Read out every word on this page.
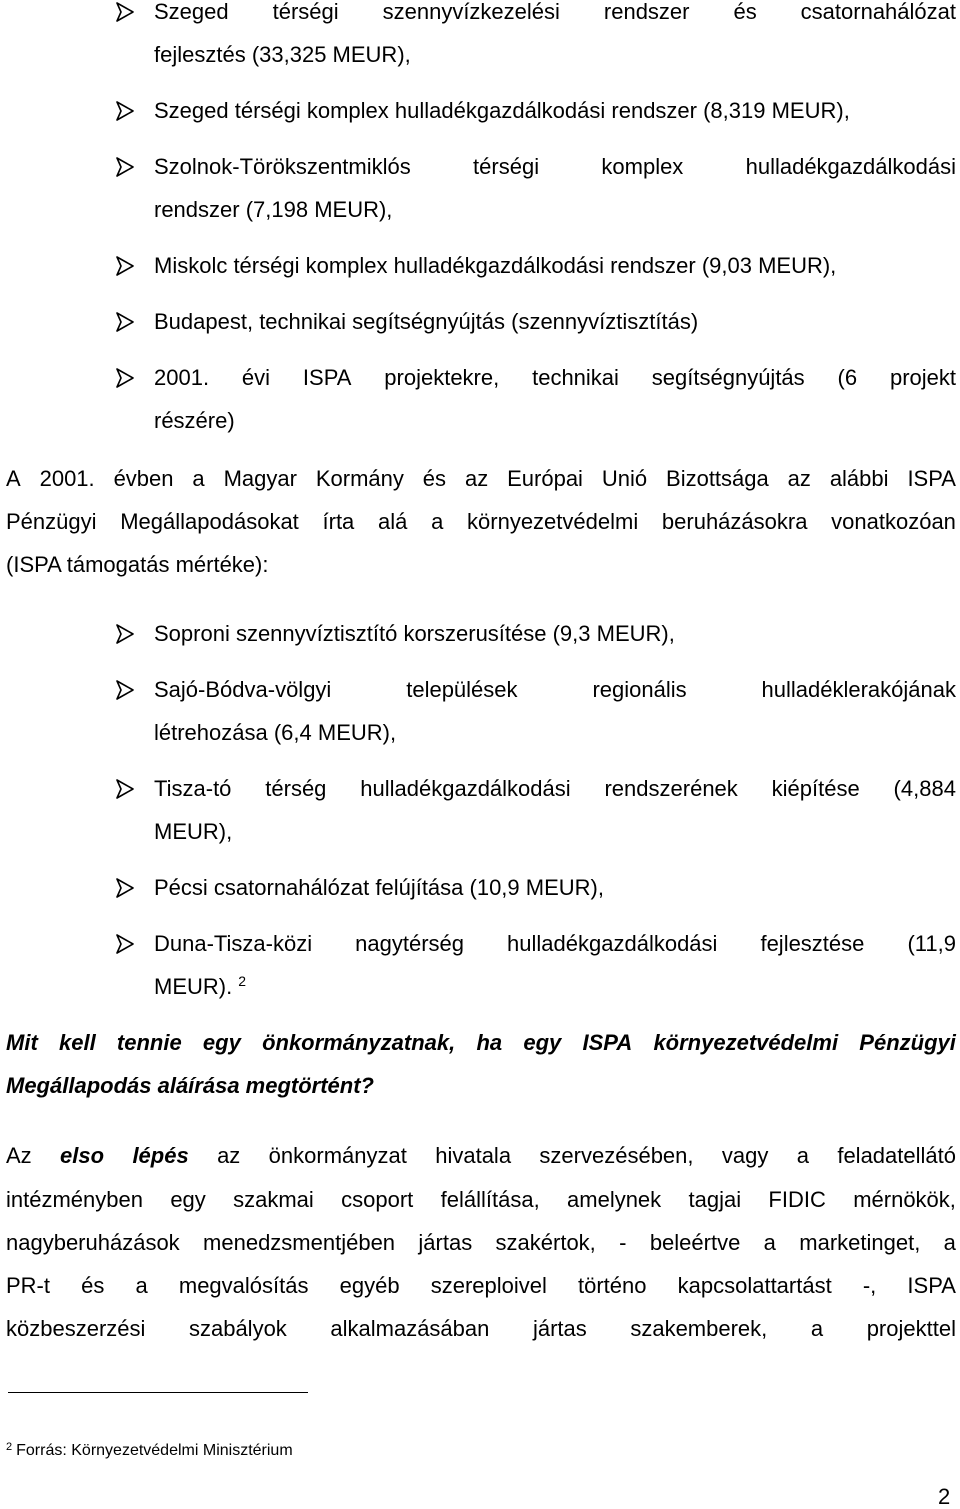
Szeged térségi szennyvízkezelési rendszer és csatornahálózat
fejlesztés (33,325 MEUR),
Szeged térségi komplex hulladékgazdálkodási rendszer (8,319 MEUR),
Szolnok-Törökszentmiklós	térségi	komplex	hulladékgazdálkodási
rendszer (7,198 MEUR),
Miskolc térségi komplex hulladékgazdálkodási rendszer (9,03 MEUR),
Budapest, technikai segítségnyújtás (szennyvíztisztítás)
2001. évi ISPA projektekre, technikai segítségnyújtás (6 projekt
részére)
A 2001. évben a Magyar Kormány és az Európai Unió Bizottsága az alábbi ISPA
Pénzügyi Megállapodásokat írta alá a környezetvédelmi beruházásokra vonatkozóan
(ISPA támogatás mértéke):
Soproni szennyvíztisztító korszerusítése (9,3 MEUR),
Sajó-Bódva-völgyi	települések	regionális	hulladéklerakójának
létrehozása (6,4 MEUR),
Tisza-tó térség hulladékgazdálkodási rendszerének kiépítése (4,884
MEUR),
Pécsi csatornahálózat felújítása (10,9 MEUR),
Duna-Tisza-közi nagytérség hulladékgazdálkodási fejlesztése (11,9
MEUR). $^2$
Mit kell tennie egy önkormányzatnak, ha egy ISPA környezetvédelmi Pénzügyi
Megállapodás aláírása megtörtént?
Az elso lépés az önkormányzat hivatala szervezésében, vagy a feladatellátó
intézményben egy szakmai csoport felállítása, amelynek tagjai FIDIC mérnökök,
nagyberuházások menedzsmentjében jártas szakértok, - beleértve a marketinget, a
PR-t és a megvalósítás egyéb szereploivel történo kapcsolattartást -, ISPA
közbeszerzési szabályok alkalmazásában jártas szakemberek, a projekttel
$^2$ Forrás: Környezetvédelmi Minisztérium
2
